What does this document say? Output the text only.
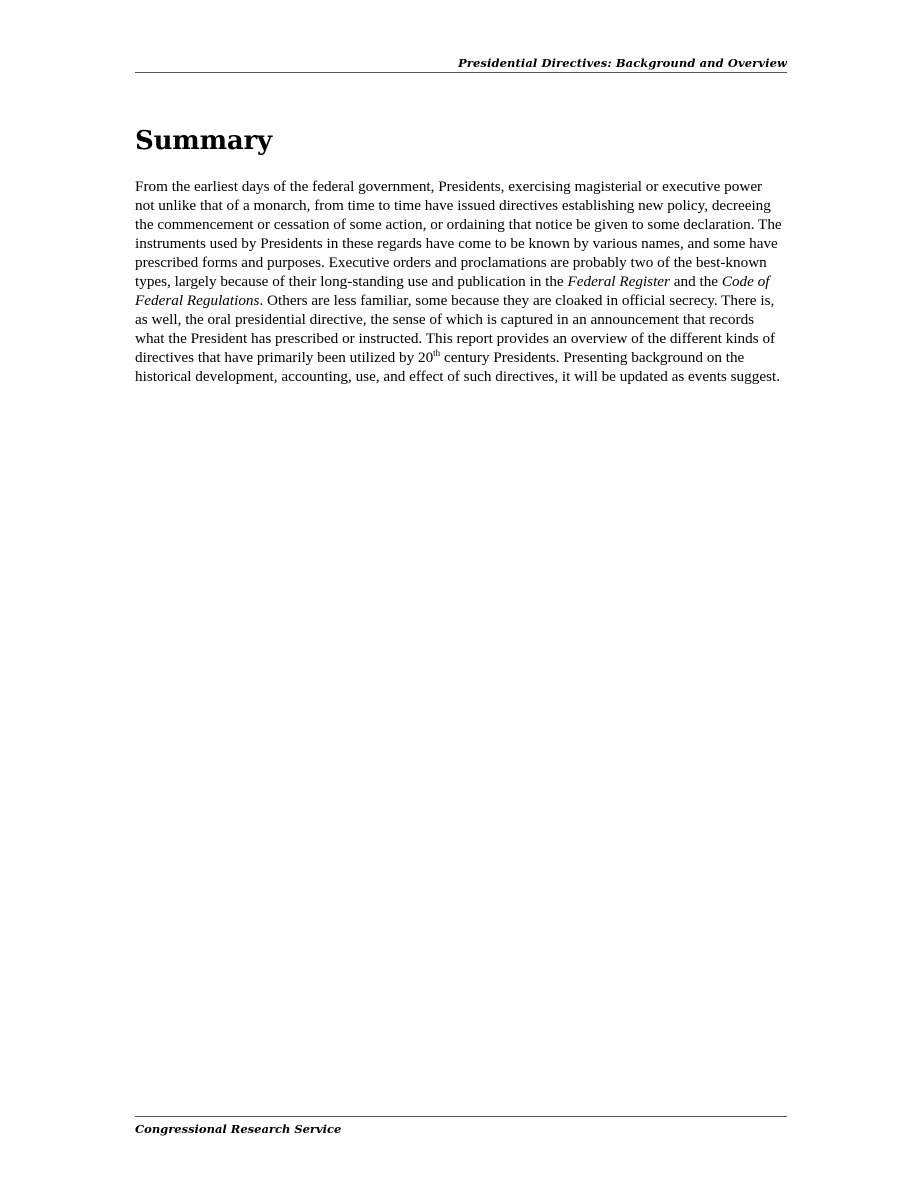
Presidential Directives: Background and Overview
Summary

From the earliest days of the federal government, Presidents, exercising magisterial or executive power not unlike that of a monarch, from time to time have issued directives establishing new policy, decreeing the commencement or cessation of some action, or ordaining that notice be given to some declaration. The instruments used by Presidents in these regards have come to be known by various names, and some have prescribed forms and purposes. Executive orders and proclamations are probably two of the best-known types, largely because of their long-standing use and publication in the Federal Register and the Code of Federal Regulations. Others are less familiar, some because they are cloaked in official secrecy. There is, as well, the oral presidential directive, the sense of which is captured in an announcement that records what the President has prescribed or instructed. This report provides an overview of the different kinds of directives that have primarily been utilized by 20th century Presidents. Presenting background on the historical development, accounting, use, and effect of such directives, it will be updated as events suggest.

Congressional Research Service
